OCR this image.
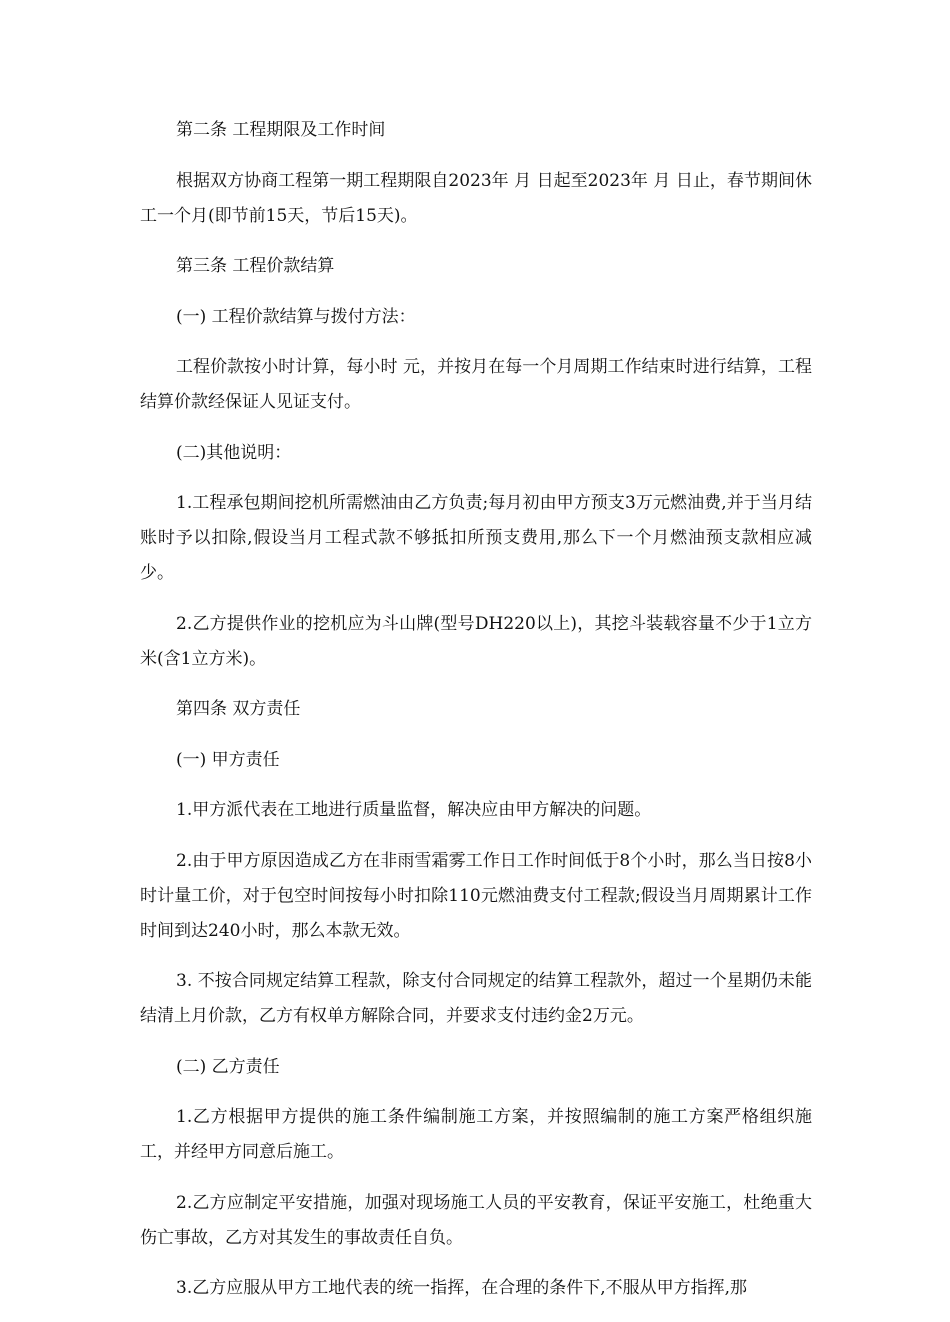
第二条 工程期限及工作时间

根据双方协商工程第一期工程期限自2023年 月 日起至2023年 月 日止，春节期间休工一个月(即节前15天，节后15天)。

第三条 工程价款结算

(一) 工程价款结算与拨付方法：

工程价款按小时计算，每小时 元，并按月在每一个月周期工作结束时进行结算，工程结算价款经保证人见证支付。

(二)其他说明：

1.工程承包期间挖机所需燃油由乙方负责;每月初由甲方预支3万元燃油费,并于当月结账时予以扣除,假设当月工程式款不够抵扣所预支费用,那么下一个月燃油预支款相应减少。

2.乙方提供作业的挖机应为斗山牌(型号DH220以上)，其挖斗装载容量不少于1立方米(含1立方米)。

第四条 双方责任

(一) 甲方责任

1.甲方派代表在工地进行质量监督，解决应由甲方解决的问题。

2.由于甲方原因造成乙方在非雨雪霜雾工作日工作时间低于8个小时，那么当日按8小时计量工价，对于包空时间按每小时扣除110元燃油费支付工程款;假设当月周期累计工作时间到达240小时，那么本款无效。

3. 不按合同规定结算工程款，除支付合同规定的结算工程款外，超过一个星期仍未能结清上月价款，乙方有权单方解除合同，并要求支付违约金2万元。

(二) 乙方责任

1.乙方根据甲方提供的施工条件编制施工方案，并按照编制的施工方案严格组织施工，并经甲方同意后施工。

2.乙方应制定平安措施，加强对现场施工人员的平安教育，保证平安施工，杜绝重大伤亡事故，乙方对其发生的事故责任自负。

3.乙方应服从甲方工地代表的统一指挥，在合理的条件下,不服从甲方指挥,那
